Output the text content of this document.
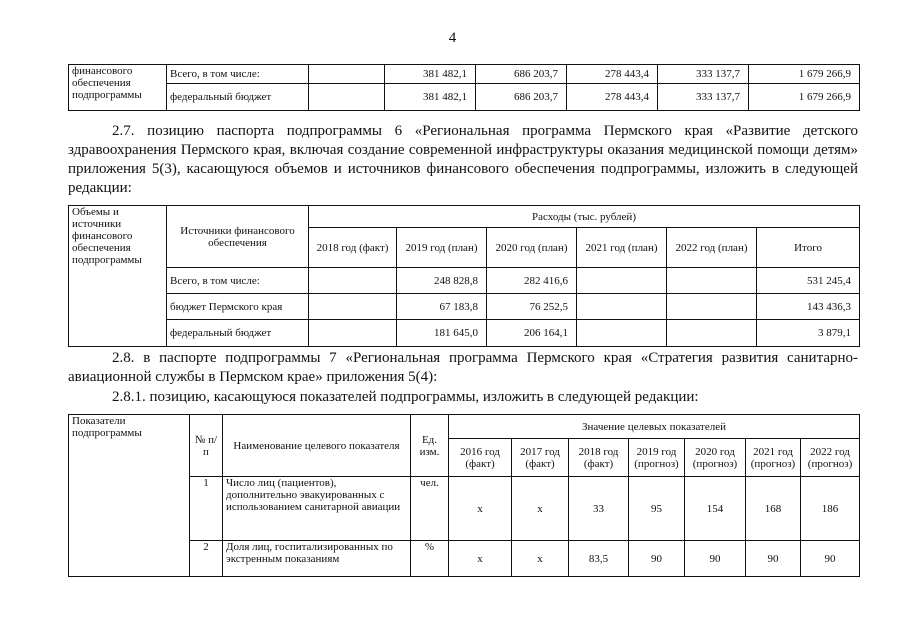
4
финансового обеспечения подпрограммы	Всего, в том числе:		381 482,1	686 203,7	278 443,4	333 137,7	1 679 266,9
	федеральный бюджет		381 482,1	686 203,7	278 443,4	333 137,7	1 679 266,9
2.7. позицию паспорта подпрограммы 6 «Региональная программа Пермского края «Развитие детского здравоохранения Пермского края, включая создание современной инфраструктуры оказания медицинской помощи детям» приложения 5(3), касающуюся объемов и источников финансового обеспечения подпрограммы, изложить в следующей редакции:
Объемы и источники финансового обеспечения подпрограммы	Источники финансового обеспечения	Расходы (тыс. рублей)					
		2018 год (факт)	2019 год (план)	2020 год (план)	2021 год (план)	2022 год (план)	Итого
	Всего, в том числе:		248 828,8	282 416,6			531 245,4
	бюджет Пермского края		67 183,8	76 252,5			143 436,3
	федеральный бюджет		181 645,0	206 164,1			3 879,1
2.8. в паспорте подпрограммы 7 «Региональная программа Пермского края «Стратегия развития санитарно-авиационной службы в Пермском крае» приложения 5(4):
2.8.1. позицию, касающуюся показателей подпрограммы, изложить в следующей редакции:
Показатели подпрограммы	№ п/п	Наименование целевого показателя	Ед. изм.	Значение целевых показателей						
				2016 год (факт)	2017 год (факт)	2018 год (факт)	2019 год (прогноз)	2020 год (прогноз)	2021 год (прогноз)	2022 год (прогноз)
	1	Число лиц (пациентов), дополнительно эвакуированных с использованием санитарной авиации	чел.	х	х	33	95	154	168	186
	2	Доля лиц, госпитализированных по экстренным показаниям	%	х	х	83,5	90	90	90	90
